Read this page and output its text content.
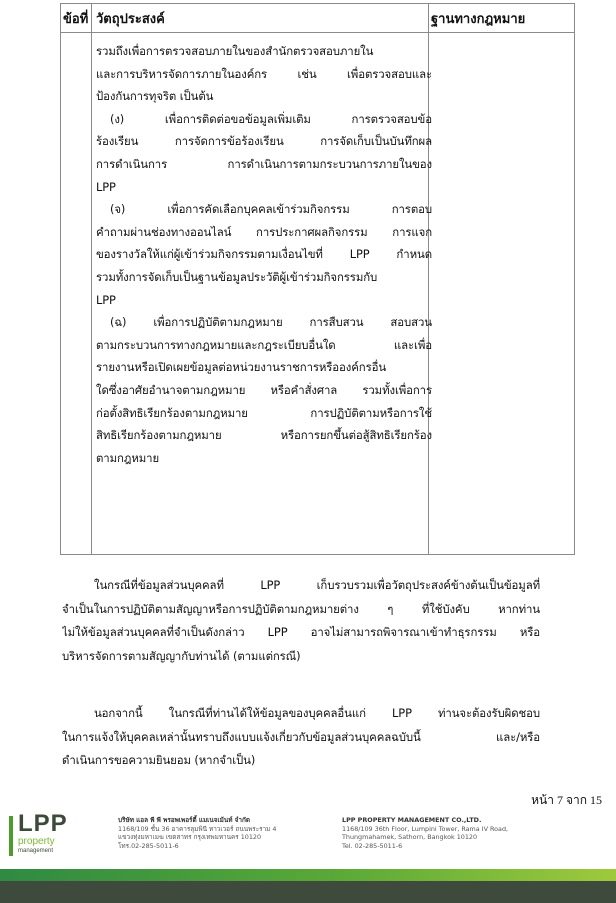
ข้อที่ วัตถุประสงค์	ฐานทางกฎหมาย

รวมถึงเพื่อการตรวจสอบภายในของสำนักตรวจสอบภายใน

และการบริหารจัดการภายในองค์กร เช่น เพื่อตรวจสอบและ

ป้องกันการทุจริต เป็นต้น

(ง) เพื่อการติดต่อขอข้อมูลเพิ่มเติม การตรวจสอบข้อ

ร้องเรียน การจัดการข้อร้องเรียน การจัดเก็บเป็นบันทึกผล

การดำเนินการ การดำเนินการตามกระบวนการภายในของ

LPP

(จ) เพื่อการคัดเลือกบุคคลเข้าร่วมกิจกรรม การตอบ

คำถามผ่านช่องทางออนไลน์ การประกาศผลกิจกรรม การแจก

ของรางวัลให้แก่ผู้เข้าร่วมกิจกรรมตามเงื่อนไขที่ LPP กำหนด

รวมทั้งการจัดเก็บเป็นฐานข้อมูลประวัติผู้เข้าร่วมกิจกรรมกับ

LPP

(ฉ) เพื่อการปฏิบัติตามกฎหมาย การสืบสวน สอบสวน

ตามกระบวนการทางกฎหมายและกฎระเบียบอื่นใด และเพื่อ

รายงานหรือเปิดเผยข้อมูลต่อหน่วยงานราชการหรือองค์กรอื่น

ใดซึ่งอาศัยอำนาจตามกฎหมาย หรือคำสั่งศาล รวมทั้งเพื่อการ

ก่อตั้งสิทธิเรียกร้องตามกฎหมาย การปฏิบัติตามหรือการใช้

สิทธิเรียกร้องตามกฎหมาย หรือการยกขึ้นต่อสู้สิทธิเรียกร้อง

ตามกฎหมาย

ในกรณีที่ข้อมูลส่วนบุคคลที่ LPP เก็บรวบรวมเพื่อวัตถุประสงค์ข้างต้นเป็นข้อมูลที่

จำเป็นในการปฏิบัติตามสัญญาหรือการปฏิบัติตามกฎหมายต่าง ๆ ที่ใช้บังคับ หากท่าน

ไม่ให้ข้อมูลส่วนบุคคลที่จำเป็นดังกล่าว LPP อาจไม่สามารถพิจารณาเข้าทำธุรกรรม หรือ

บริหารจัดการตามสัญญากับท่านได้ (ตามแต่กรณี)

นอกจากนี้ ในกรณีที่ท่านได้ให้ข้อมูลของบุคคลอื่นแก่ LPP ท่านจะต้องรับผิดชอบ

ในการแจ้งให้บุคคลเหล่านั้นทราบถึงแบบแจ้งเกี่ยวกับข้อมูลส่วนบุคคลฉบับนี้ และ/หรือ

ดำเนินการขอความยินยอม (หากจำเป็น)

หน้า 7 จาก 15
LPP
property
management
บริษัท แอล พี พี พรอพเพอร์ตี้ แมเนจเม้นท์ จำกัด
1168/109 ชั้น 36 อาคารลุมพินี ทาวเวอร์ ถนนพระราม 4
แขวงทุ่งมหาเมฆ เขตสาทร กรุงเทพมหานคร 10120
โทร.02-285-5011-6
LPP PROPERTY MANAGEMENT CO.,LTD.
1168/109 36th Floor, Lumpini Tower, Rama IV Road,
Thungmahamek, Sathorn, Bangkok 10120
Tel. 02-285-5011-6
